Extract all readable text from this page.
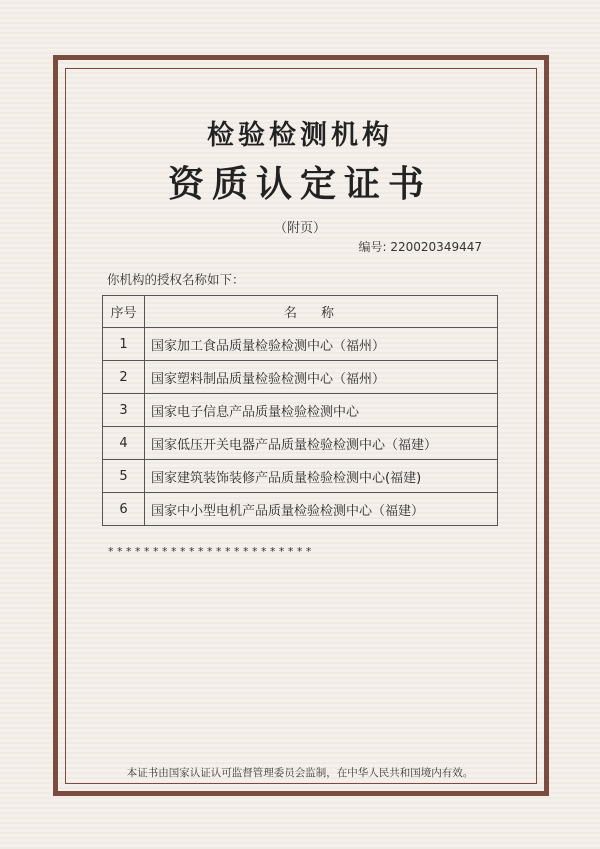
检验检测机构
资质认定证书
（附页）
编号: 220020349447
你机构的授权名称如下：
序号	名称
1	国家加工食品质量检验检测中心（福州）
2	国家塑料制品质量检验检测中心（福州）
3	国家电子信息产品质量检验检测中心
4	国家低压开关电器产品质量检验检测中心（福建）
5	国家建筑装饰装修产品质量检验检测中心(福建)
6	国家中小型电机产品质量检验检测中心（福建）
* * * * * * * * * * * * * * * * * * * * * * *
本证书由国家认证认可监督管理委员会监制，在中华人民共和国境内有效。
